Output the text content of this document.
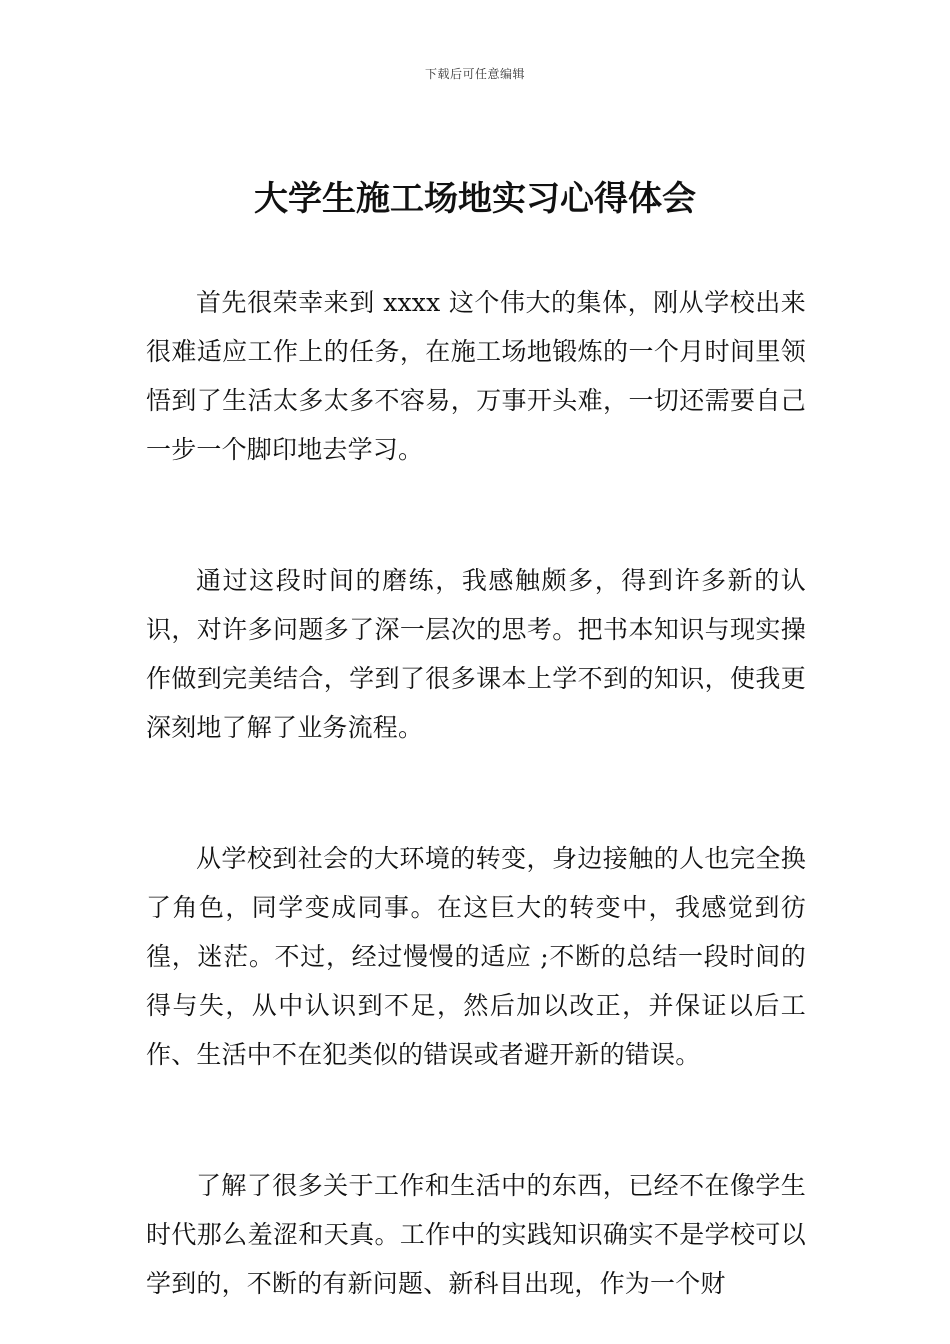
下载后可任意编辑
大学生施工场地实习心得体会

首先很荣幸来到 xxxx 这个伟大的集体，刚从学校出来很难适应工作上的任务，在施工场地锻炼的一个月时间里领悟到了生活太多太多不容易，万事开头难，一切还需要自己一步一个脚印地去学习。

通过这段时间的磨练，我感触颇多，得到许多新的认识，对许多问题多了深一层次的思考。把书本知识与现实操作做到完美结合，学到了很多课本上学不到的知识，使我更深刻地了解了业务流程。

从学校到社会的大环境的转变，身边接触的人也完全换了角色，同学变成同事。在这巨大的转变中，我感觉到彷徨，迷茫。不过，经过慢慢的适应 ;不断的总结一段时间的得与失，从中认识到不足，然后加以改正，并保证以后工作、生活中不在犯类似的错误或者避开新的错误。

了解了很多关于工作和生活中的东西，已经不在像学生时代那么羞涩和天真。工作中的实践知识确实不是学校可以学到的，不断的有新问题、新科目出现，作为一个财
